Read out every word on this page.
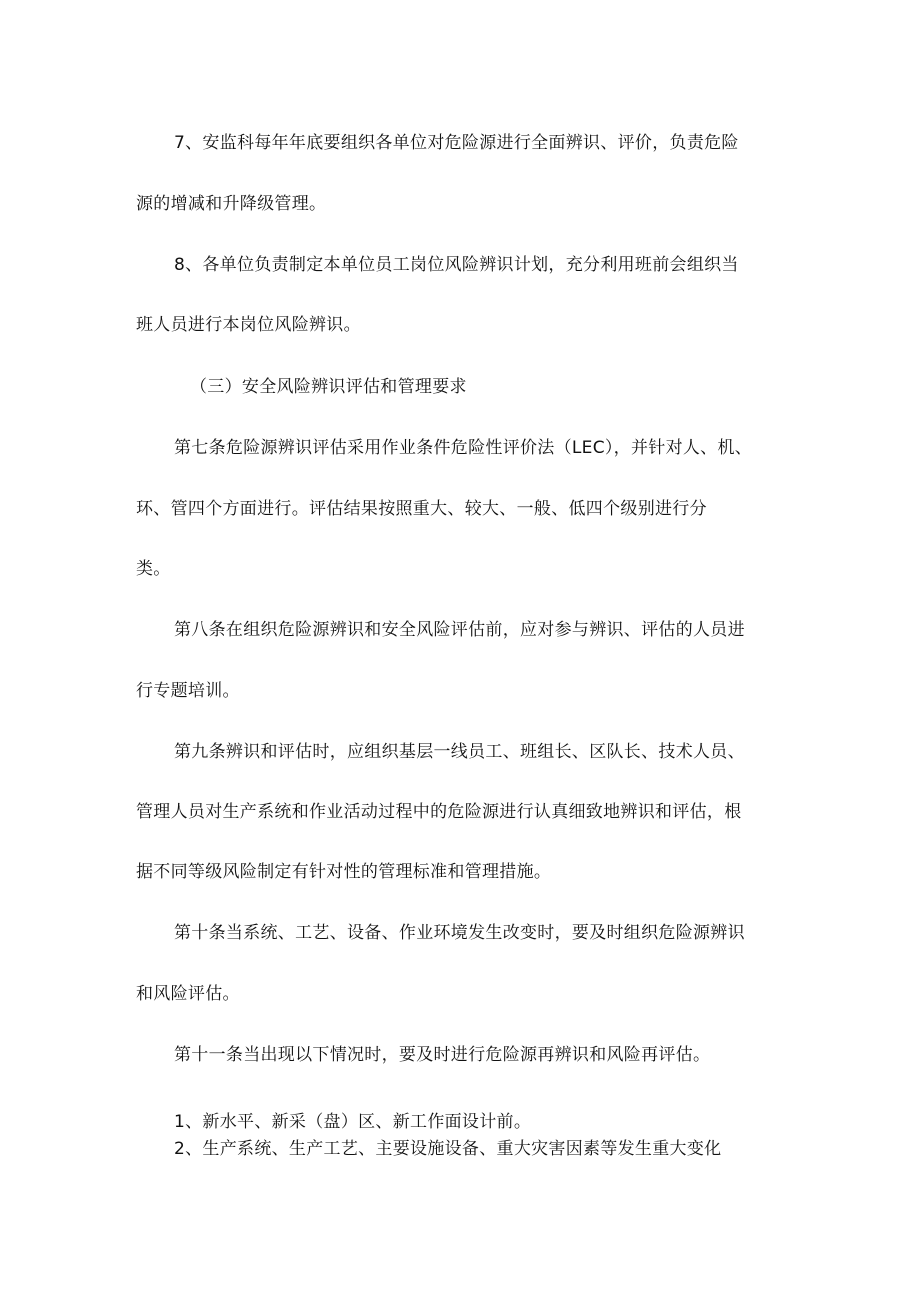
7、安监科每年年底要组织各单位对危险源进行全面辨识、评价，负责危险
源的增减和升降级管理。
8、各单位负责制定本单位员工岗位风险辨识计划，充分利用班前会组织当
班人员进行本岗位风险辨识。
（三）安全风险辨识评估和管理要求
第七条危险源辨识评估采用作业条件危险性评价法（LEC），并针对人、机、
环、管四个方面进行。评估结果按照重大、较大、一般、低四个级别进行分
类。
第八条在组织危险源辨识和安全风险评估前，应对参与辨识、评估的人员进
行专题培训。
第九条辨识和评估时，应组织基层一线员工、班组长、区队长、技术人员、
管理人员对生产系统和作业活动过程中的危险源进行认真细致地辨识和评估，根
据不同等级风险制定有针对性的管理标准和管理措施。
第十条当系统、工艺、设备、作业环境发生改变时，要及时组织危险源辨识
和风险评估。
第十一条当出现以下情况时，要及时进行危险源再辨识和风险再评估。
1、新水平、新采（盘）区、新工作面设计前。
2、生产系统、生产工艺、主要设施设备、重大灾害因素等发生重大变化
